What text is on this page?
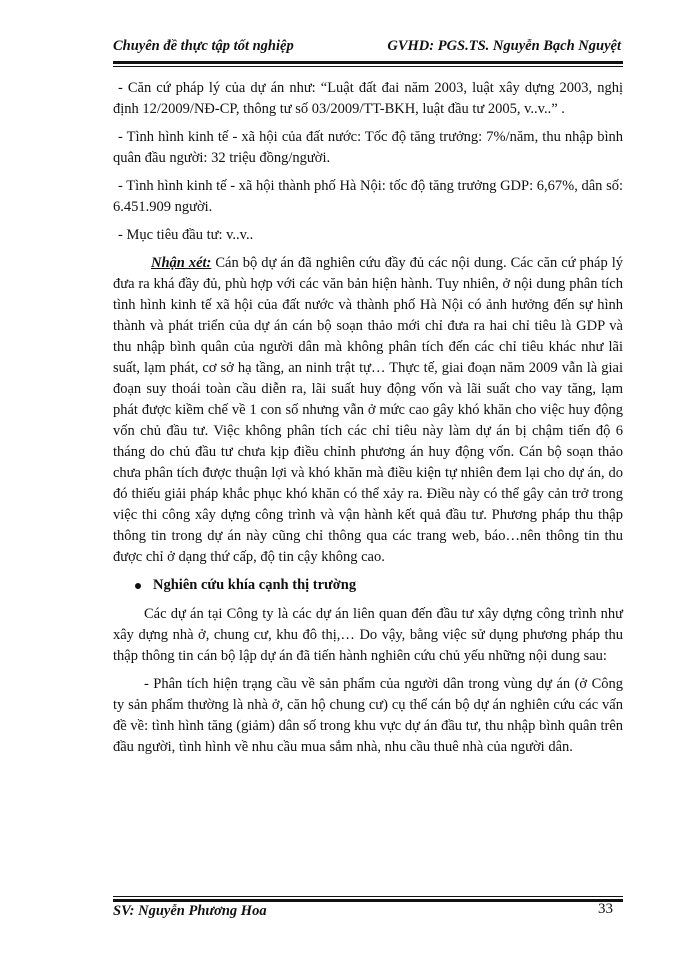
Chuyên đề thực tập tốt nghiệp	GVHD: PGS.TS. Nguyễn Bạch Nguyệt

- Căn cứ pháp lý của dự án như: “Luật đất đai năm 2003, luật xây dựng 2003, nghị định 12/2009/NĐ-CP, thông tư số 03/2009/TT-BKH, luật đầu tư 2005, v..v..” .

- Tình hình kinh tế - xã hội của đất nước: Tốc độ tăng trưởng: 7%/năm, thu nhập bình quân đầu người: 32 triệu đồng/người.

- Tình hình kinh tế - xã hội thành phố Hà Nội: tốc độ tăng trưởng GDP: 6,67%, dân số: 6.451.909 người.

- Mục tiêu đầu tư: v..v..

Nhận xét: Cán bộ dự án đã nghiên cứu đầy đủ các nội dung. Các căn cứ pháp lý đưa ra khá đầy đủ, phù hợp với các văn bản hiện hành. Tuy nhiên, ở nội dung phân tích tình hình kinh tế xã hội của đất nước và thành phố Hà Nội có ảnh hưởng đến sự hình thành và phát triển của dự án cán bộ soạn thảo mới chỉ đưa ra hai chỉ tiêu là GDP và thu nhập bình quân của người dân mà không phân tích đến các chỉ tiêu khác như lãi suất, lạm phát, cơ sở hạ tầng, an ninh trật tự… Thực tế, giai đoạn năm 2009 vẫn là giai đoạn suy thoái toàn cầu diễn ra, lãi suất huy động vốn và lãi suất cho vay tăng, lạm phát được kiềm chế về 1 con số nhưng vẫn ở mức cao gây khó khăn cho việc huy động vốn chủ đầu tư. Việc không phân tích các chỉ tiêu này làm dự án bị chậm tiến độ 6 tháng do chủ đầu tư chưa kịp điều chỉnh phương án huy động vốn. Cán bộ soạn thảo chưa phân tích được thuận lợi và khó khăn mà điều kiện tự nhiên đem lại cho dự án, do đó thiếu giải pháp khắc phục khó khăn có thể xảy ra. Điều này có thể gây cản trở trong việc thi công xây dựng công trình và vận hành kết quả đầu tư. Phương pháp thu thập thông tin trong dự án này cũng chỉ thông qua các trang web, báo…nên thông tin thu được chỉ ở dạng thứ cấp, độ tin cậy không cao.

Nghiên cứu khía cạnh thị trường

Các dự án tại Công ty là các dự án liên quan đến đầu tư xây dựng công trình như xây dựng nhà ở, chung cư, khu đô thị,… Do vậy, bằng việc sử dụng phương pháp thu thập thông tin cán bộ lập dự án đã tiến hành nghiên cứu chủ yếu những nội dung sau:

- Phân tích hiện trạng cầu về sản phẩm của người dân trong vùng dự án (ở Công ty sản phẩm thường là nhà ở, căn hộ chung cư) cụ thể cán bộ dự án nghiên cứu các vấn đề về: tình hình tăng (giảm) dân số trong khu vực dự án đầu tư, thu nhập bình quân trên đầu người, tình hình về nhu cầu mua sắm nhà, nhu cầu thuê nhà của người dân.

SV: Nguyễn Phương Hoa	33
